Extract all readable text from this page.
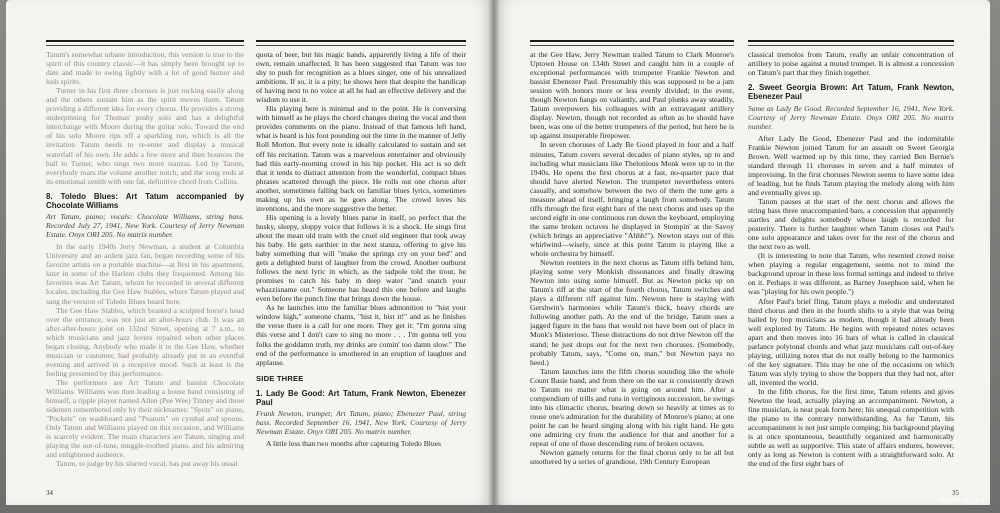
Tatum's somewhat urbane introduction, this version is true to the spirit of this country classic—it has simply been brought up to date and made to swing lightly with a lot of good humor and lush spirits.

Turner in his first three choruses is just rocking easily along and the others sustain him as the spirit moves them. Tatum providing a different idea for every chorus. He provides a strong underpinning for Thomas' pushy solo and has a delightful interchange with Moore during the guitar solo. Toward the end of his solo Moore rips off a sparkling run, which is all the invitation Tatum needs to re-enter and display a musical waterfall of his own. He adds a few more and then bounces the ball to Turner, who sings two more stanzas. Led by Tatum, everybody roars the volume another notch, and the song ends at its emotional zenith with one fat, definitive chord from Collins.

8. Toledo Blues: Art Tatum accompanied by Chocolate Williams

Art Tatum, piano; vocals: Chocolate Williams, string bass. Recorded July 27, 1941, New York. Courtesy of Jerry Newman Estate. Onyx ORI 205. No matrix number.

In the early 1940s Jerry Newman, a student at Columbia University and an ardent jazz fan, began recording some of his favorite artists on a portable machine—at first in his apartment, later in some of the Harlem clubs they frequented. Among his favorites was Art Tatum, whom he recorded in several different locales, including the Gee Haw Stables, where Tatum played and sang the version of Toledo Blues heard here.

The Gee Haw Stables, which boasted a sculpted horse's head over the entrance, was not just an after-hours club. It was an after-after-hours joint on 132nd Street, opening at 7 a.m., to which musicians and jazz lovers repaired when other places began closing. Anybody who made it to the Gee Haw, whether musician or customer, had probably already put in an eventful evening and arrived in a receptive mood. Such at least is the feeling presented by this performance.

The performers are Art Tatum and bassist Chocolate Williams. Williams was then leading a house band consisting of himself, a ripple player named Allen (Pee Wee) Tinney and three sidemen remembered only by their nicknames: "Spots" on piano, "Pockets" on washboard and "Peanuts" on cymbal and spoons. Only Tatum and Williams played on this occasion, and Williams is scarcely evident. The main characters are Tatum, singing and playing the out-of-tune, muggle-toothed piano, and his admiring and enlightened audience.

Tatum, to judge by his slurred vocal, has put away his usual

quota of beer, but his magic hands, apparently living a life of their own, remain unaffected. It has been suggested that Tatum was too shy to push for recognition as a blues singer, one of his unrealized ambitions. If so, it is a pity; he shows here that despite the handicap of having next to no voice at all he had an effective delivery and the wisdom to use it.

His playing here is minimal and to the point. He is conversing with himself as he plays the chord changes during the vocal and then provides comments on the piano. Instead of that famous left hand, what is heard is his foot pounding out the time in the manner of Jelly Roll Morton. But every note is ideally calculated to sustain and set off his recitation. Tatum was a marvelous entertainer and obviously had this early-morning crowd in his hip pocket. His act is so deft that it tends to distract attention from the wonderful, compact blues phrases scattered through the piece. He rolls out one chorus after another, sometimes falling back on familiar blues lyrics, sometimes making up his own as he goes along. The crowd loves his inventions, and the more suggestive the better.

His opening is a lovely blues parse in itself, so perfect that the husky, sleepy, sloppy voice that follows it is a shock. He sings first about the mean old train with the cruel old engineer that took away his baby. He gets earthier in the next stanza, offering to give his baby something that will "make the springs cry on your bed" and gets a delighted burst of laughter from the crowd. Another outburst follows the next lyric in which, as the tadpole told the trout, he promises to catch his baby in deep water "and snatch your whazzisname out." Someone has heard this one before and laughs even before the punch line that brings down the house.

As he launches into the familiar blues admonition to "hist your window high," someone chants, "hist it, hist it!" and as he finishes the verse there is a call for one more. They get it: "I'm gonna sing this verse and I don't care to sing no more . . . I'm gonna tell you folks the goddamn truth, my drinks are comin' too damn slow." The end of the performance is smothered in an eruption of laughter and applause.

SIDE THREE
1. Lady Be Good: Art Tatum, Frank Newton, Ebenezer Paul

Frank Newton, trumpet; Art Tatum, piano; Ebenezer Paul, string bass. Recorded September 16, 1941, New York. Courtesy of Jerry Newman Estate. Onyx ORI 205. No matrix number.

A little less than two months after capturing Toledo Blues

34

at the Gee Haw, Jerry Newman trailed Tatum to Clark Monroe's Uptown House on 134th Street and caught him in a couple of exceptional performances with trumpeter Frankie Newton and bassist Ebenezer Paul. Presumably this was supposed to be a jam session with honors more or less evenly divided; in the event, though Newton hangs on valiantly, and Paul plunks away steadily, Tatum overpowers his colleagues with an extravagant artillery display. Newton, though not recorded as often as he should have been, was one of the better trumpeters of the period, but here he is up against insuperable firepower.

In seven choruses of Lady Be Good played in four and a half minutes, Tatum covers several decades of piano styles, up to and including what musicians like Thelonious Monk were up to in the 1940s. He opens the first chorus at a fast, no-quarter pace that should have alerted Newton. The trumpeter nevertheless enters casually, and somehow between the two of them the tune gets a measure ahead of itself, bringing a laugh from somebody. Tatum riffs through the first eight bars of the next chorus and uses up the second eight in one continuous run down the keyboard, employing the same broken octaves he displayed in Stompin' at the Savoy (which brings an appreciative "Ahhh!"). Newton stays out of this whirlwind—wisely, since at this point Tatum is playing like a whole orchestra by himself.

Newton reenters in the next chorus as Tatum riffs behind him, playing some very Monkish dissonances and finally drawing Newton into using some himself. But as Newton picks up on Tatum's riff at the start of the fourth chorus, Tatum switches and plays a different riff against him. Newton here is staying with Gershwin's harmonies while Tatum's thick, heavy chords are following another path. At the end of the bridge, Tatum uses a jagged figure in the bass that would not have been out of place in Monk's Misterioso. These distractions do not drive Newton off the stand; he just drops out for the next two choruses. (Somebody, probably Tatum, says, "Come on, man," but Newton pays no heed.)

Tatum launches into the fifth chorus sounding like the whole Count Basie band, and from there on the ear is consistently drawn to Tatum no matter what is going on around him. After a compendium of trills and runs in vertiginous succession, he swings into his climactic chorus, bearing down so heavily at times as to rouse one's admiration for the durability of Monroe's piano; at one point he can be heard singing along with his right hand. He gets one admiring cry from the audience for that and another for a repeat of one of those descending runs of broken octaves.

Newton gamely returns for the final chorus only to be all but smothered by a series of grandiose, 19th Century European

classical tremolos from Tatum, really an unfair concentration of artillery to poise against a muted trumpet. It is almost a concession on Tatum's part that they finish together.

2. Sweet Georgia Brown: Art Tatum, Frank Newton, Ebenezer Paul

Same as Lady Be Good. Recorded September 16, 1941, New York. Courtesy of Jerry Newman Estate. Onyx ORI 205. No matrix number.

After Lady Be Good, Ebenezer Paul and the indomitable Frankie Newton joined Tatum for an assault on Sweet Georgia Brown. Well warmed up by this time, they carried Ben Bernie's standard through 11 choruses in seven and a half minutes of improvising. In the first choruses Newton seems to have some idea of leading, but he finds Tatum playing the melody along with him and eventually gives up.

Tatum pauses at the start of the next chorus and allows the string bass three unaccompanied bars, a concession that apparently startles and delights somebody whose laugh is recorded for posterity. There is further laughter when Tatum closes out Paul's one solo appearance and takes over for the rest of the chorus and the next two as well.

(It is interesting to note that Tatum, who resented crowd noise when playing a regular engagement, seems not to mind the background uproar in these less formal settings and indeed to thrive on it. Perhaps it was different, as Barney Josephson said, when he was "playing for his own people.")

After Paul's brief fling, Tatum plays a melodic and understated third chorus and then in the fourth shifts to a style that was being hailed by bop musicians as modern, though it had already been well explored by Tatum. He begins with repeated notes octaves apart and then moves into 16 bars of what is called in classical parlance polytonal chords and what jazz musicians call out-of-key playing, utilizing notes that do not really belong to the harmonics of the key signature. This may be one of the occasions on which Tatum was slyly trying to show the boppers that they had not, after all, invented the world.

In the fifth chorus, for the first time, Tatum relents and gives Newton the lead, actually playing an accompaniment. Newton, a fine musician, is near peak form here; his unequal competition with the piano to the contrary notwithstanding. As for Tatum, his accompaniment is not just simple comping; his background playing is at once spontaneous, beautifully organized and harmonically subtle as well as supportive. This state of affairs endures, however, only as long as Newton is content with a straightforward solo. At the end of the first eight bars of

35
www.ay.by
